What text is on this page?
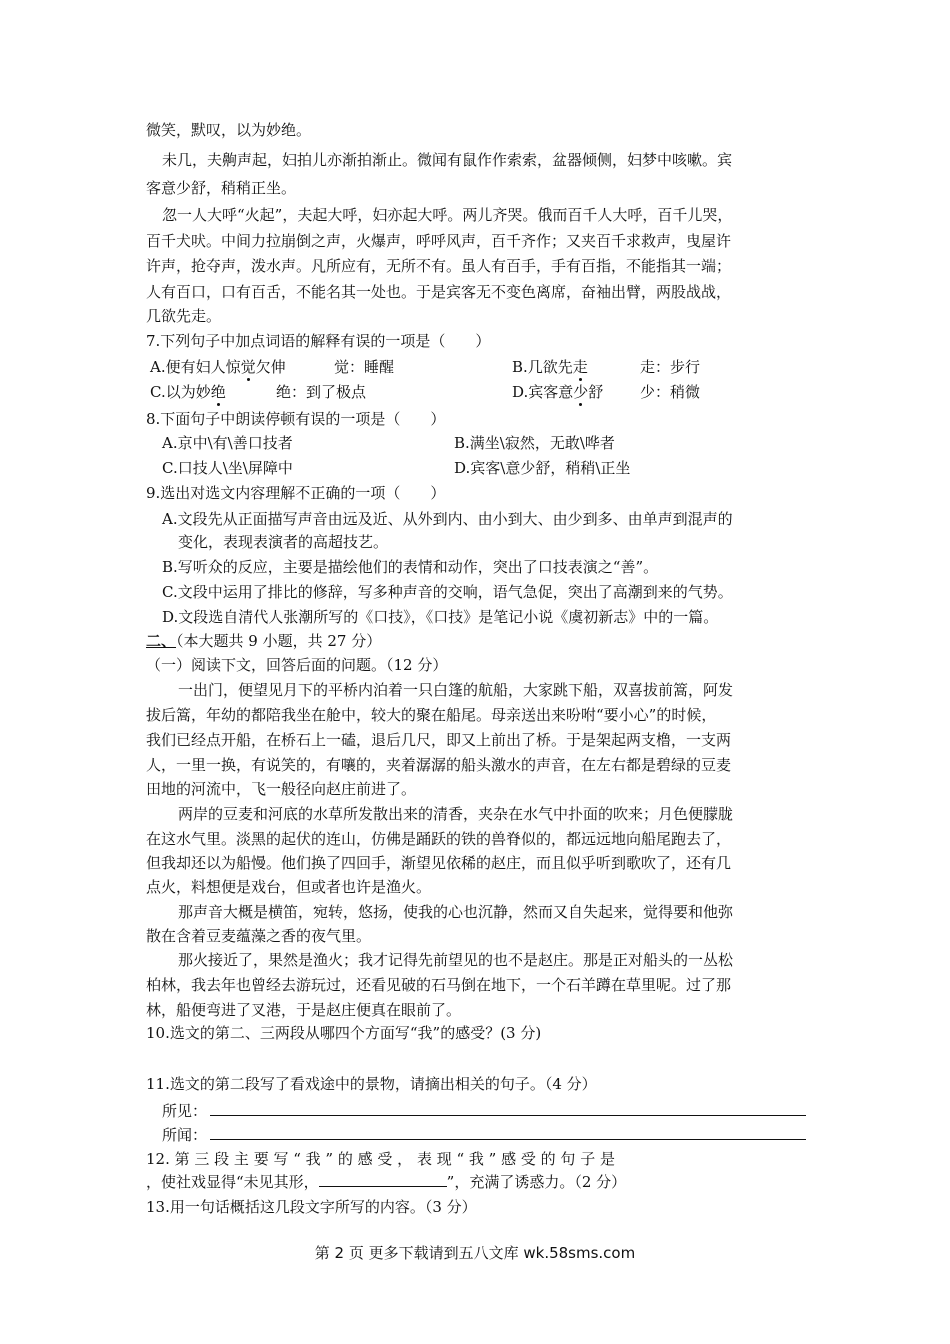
微笑，默叹，以为妙绝。
未几，夫齁声起，妇拍儿亦渐拍渐止。微闻有鼠作作索索，盆器倾侧，妇梦中咳嗽。宾
客意少舒，稍稍正坐。
忽一人大呼“火起”，夫起大呼，妇亦起大呼。两儿齐哭。俄而百千人大呼，百千儿哭，
百千犬吠。中间力拉崩倒之声，火爆声，呼呼风声，百千齐作；又夹百千求救声，曳屋许
许声，抢夺声，泼水声。凡所应有，无所不有。虽人有百手，手有百指，不能指其一端；
人有百口，口有百舌，不能名其一处也。于是宾客无不变色离席，奋袖出臂，两股战战，
几欲先走。
7.下列句子中加点词语的解释有误的一项是（　　）
A.便有妇人惊觉欠伸	觉：睡醒	B.几欲先走	走：步行
C.以为妙绝	绝：到了极点	D.宾客意少舒 少：稍微
8.下面句子中朗读停顿有误的一项是（　　）
A.京中\有\善口技者	B.满坐\寂然，无敢\哗者
C.口技人\坐\屏障中	D.宾客\意少舒，稍稍\正坐
9.选出对选文内容理解不正确的一项（　　）
A.文段先从正面描写声音由远及近、从外到内、由小到大、由少到多、由单声到混声的
变化，表现表演者的高超技艺。
B.写听众的反应，主要是描绘他们的表情和动作，突出了口技表演之“善”。
C.文段中运用了排比的修辞，写多种声音的交响，语气急促，突出了高潮到来的气势。
D.文段选自清代人张潮所写的《口技》，《口技》是笔记小说《虞初新志》中的一篇。
二、（本大题共 9 小题，共 27 分）
（一）阅读下文，回答后面的问题。（12 分）
一出门，便望见月下的平桥内泊着一只白篷的航船，大家跳下船，双喜拔前篙，阿发
拔后篙，年幼的都陪我坐在舱中，较大的聚在船尾。母亲送出来吩咐“要小心”的时候，
我们已经点开船，在桥石上一磕，退后几尺，即又上前出了桥。于是架起两支橹，一支两
人，一里一换，有说笑的，有嚷的，夹着潺潺的船头激水的声音，在左右都是碧绿的豆麦
田地的河流中，飞一般径向赵庄前进了。
两岸的豆麦和河底的水草所发散出来的清香，夹杂在水气中扑面的吹来；月色便朦胧
在这水气里。淡黑的起伏的连山，仿佛是踊跃的铁的兽脊似的，都远远地向船尾跑去了，
但我却还以为船慢。他们换了四回手，渐望见依稀的赵庄，而且似乎听到歌吹了，还有几
点火，料想便是戏台，但或者也许是渔火。
那声音大概是横笛，宛转，悠扬，使我的心也沉静，然而又自失起来，觉得要和他弥
散在含着豆麦蕴藻之香的夜气里。
那火接近了，果然是渔火；我才记得先前望见的也不是赵庄。那是正对船头的一丛松
柏林，我去年也曾经去游玩过，还看见破的石马倒在地下，一个石羊蹲在草里呢。过了那
林，船便弯进了叉港，于是赵庄便真在眼前了。
10.选文的第二、三两段从哪四个方面写“我”的感受？(3 分)
11.选文的第二段写了看戏途中的景物，请摘出相关的句子。（4 分）
所见：
所闻：
12. 第 三 段 主 要 写 “ 我 ” 的 感 受 ， 表 现 “ 我 ” 感 受 的 句 子 是
，使社戏显得“未见其形，	”，充满了诱惑力。（2 分）
13.用一句话概括这几段文字所写的内容。（3 分）
第 2 页 更多下载请到五八文库 wk.58sms.com
